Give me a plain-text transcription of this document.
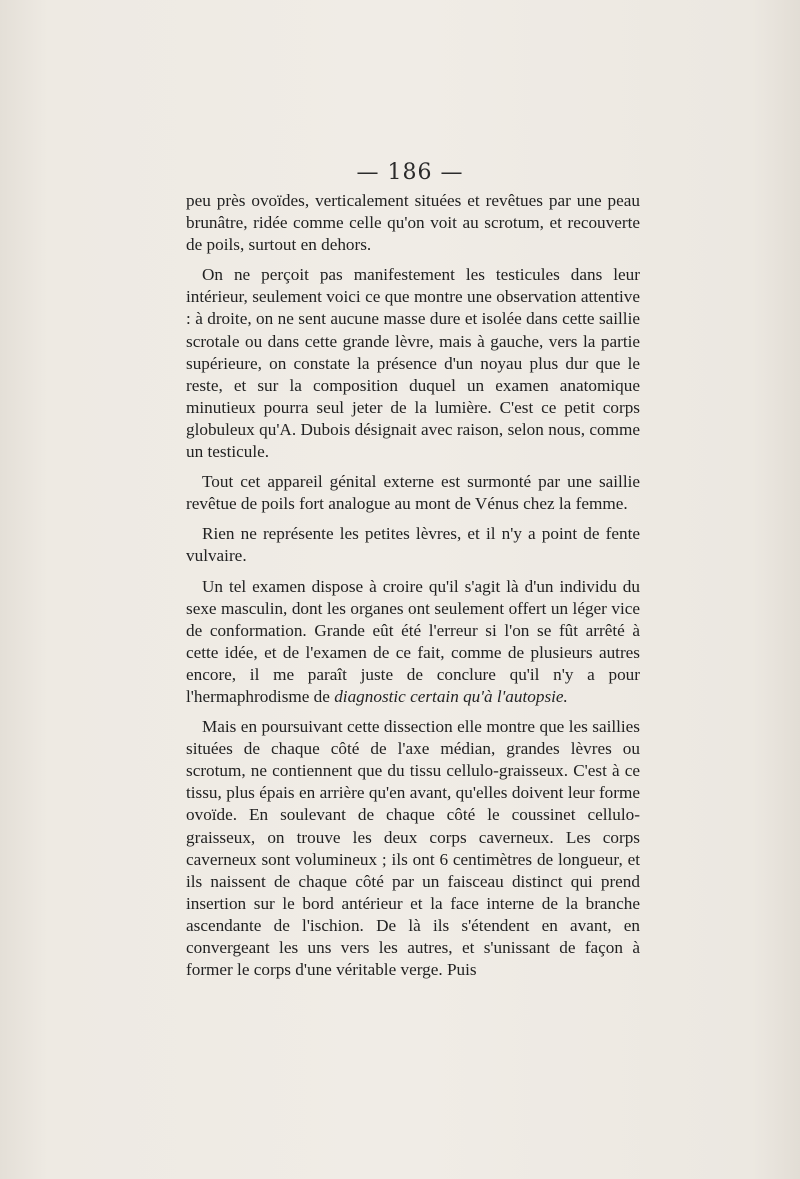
— 186 —

peu près ovoïdes, verticalement situées et revêtues par une peau brunâtre, ridée comme celle qu'on voit au scrotum, et recouverte de poils, surtout en dehors.

On ne perçoit pas manifestement les testicules dans leur intérieur, seulement voici ce que montre une observation attentive : à droite, on ne sent aucune masse dure et isolée dans cette saillie scrotale ou dans cette grande lèvre, mais à gauche, vers la partie supérieure, on constate la présence d'un noyau plus dur que le reste, et sur la composition duquel un examen anatomique minutieux pourra seul jeter de la lumière. C'est ce petit corps globuleux qu'A. Dubois désignait avec raison, selon nous, comme un testicule.

Tout cet appareil génital externe est surmonté par une saillie revêtue de poils fort analogue au mont de Vénus chez la femme.

Rien ne représente les petites lèvres, et il n'y a point de fente vulvaire.

Un tel examen dispose à croire qu'il s'agit là d'un individu du sexe masculin, dont les organes ont seulement offert un léger vice de conformation. Grande eût été l'erreur si l'on se fût arrêté à cette idée, et de l'examen de ce fait, comme de plusieurs autres encore, il me paraît juste de conclure qu'il n'y a pour l'hermaphrodisme de diagnostic certain qu'à l'autopsie.

Mais en poursuivant cette dissection elle montre que les saillies situées de chaque côté de l'axe médian, grandes lèvres ou scrotum, ne contiennent que du tissu cellulo-graisseux. C'est à ce tissu, plus épais en arrière qu'en avant, qu'elles doivent leur forme ovoïde. En soulevant de chaque côté le coussinet cellulo-graisseux, on trouve les deux corps caverneux. Les corps caverneux sont volumineux ; ils ont 6 centimètres de longueur, et ils naissent de chaque côté par un faisceau distinct qui prend insertion sur le bord antérieur et la face interne de la branche ascendante de l'ischion. De là ils s'étendent en avant, en convergeant les uns vers les autres, et s'unissant de façon à former le corps d'une véritable verge. Puis
